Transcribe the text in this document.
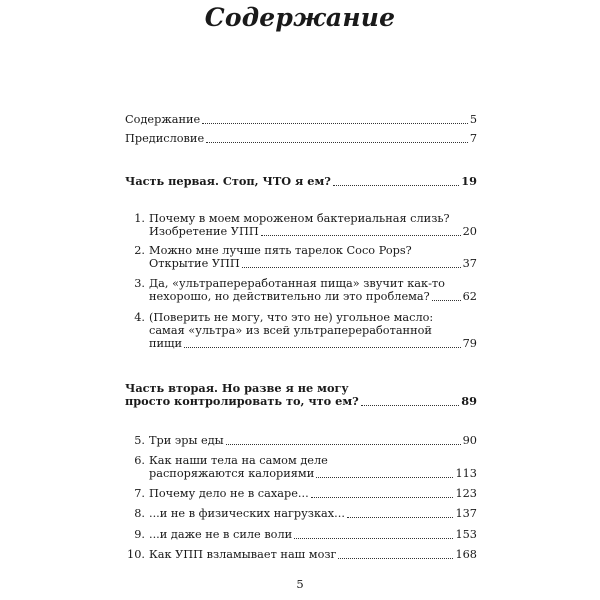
Содержание
Содержание	5
Предисловие	7
Часть первая. Стоп, ЧТО я ем?	19
1. Почему в моем мороженом бактериальная слизь?
Изобретение УПП	20
2. Можно мне лучше пять тарелок Coco Pops?
Открытие УПП	37
3. Да, «ультрапереработанная пища» звучит как-то
нехорошо, но действительно ли это проблема?	62
4. (Поверить не могу, что это не) угольное масло:
самая «ультра» из всей ультрапереработанной
пищи	79
Часть вторая. Но разве я не могу
просто контролировать то, что ем?	89
5. Три эры еды	90
6. Как наши тела на самом деле
распоряжаются калориями	113
7. Почему дело не в сахаре...	123
8. ...и не в физических нагрузках...	137
9. ...и даже не в силе воли	153
10. Как УПП взламывает наш мозг	168
5
